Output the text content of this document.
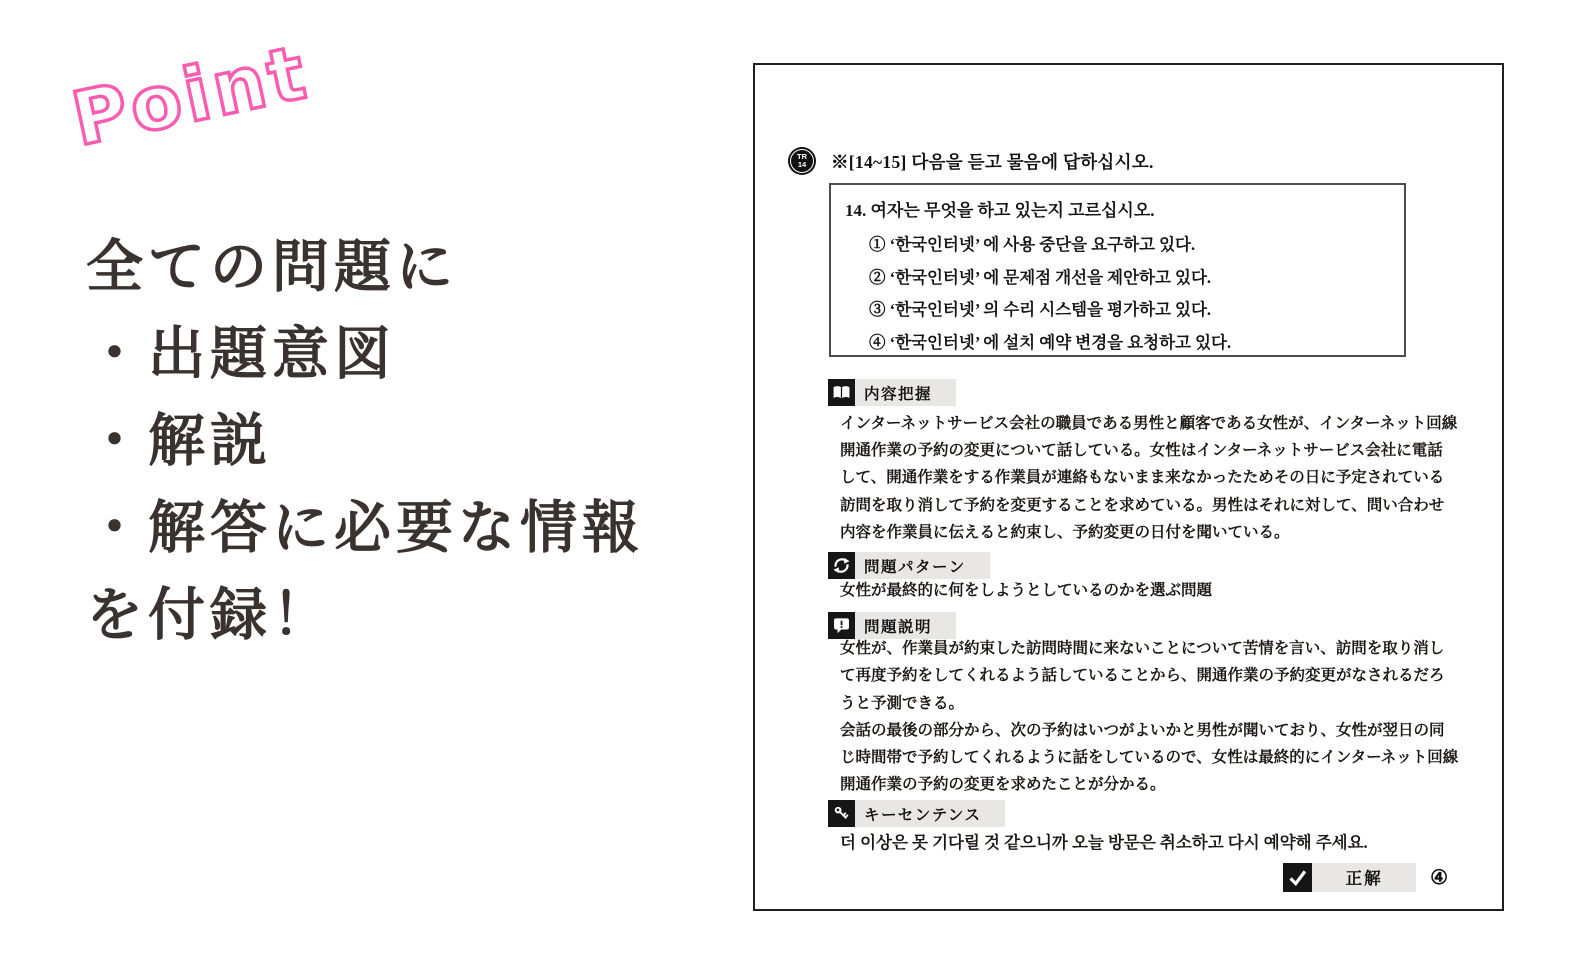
Point
全ての問題に
・出題意図
・解説
・解答に必要な情報
を付録！
TR
14 ※[14~15] 다음을 듣고 물음에 답하십시오.
14. 여자는 무엇을 하고 있는지 고르십시오.
① ‘한국인터넷’ 에 사용 중단을 요구하고 있다.
② ‘한국인터넷’ 에 문제점 개선을 제안하고 있다.
③ ‘한국인터넷’ 의 수리 시스템을 평가하고 있다.
④ ‘한국인터넷’ 에 설치 예약 변경을 요청하고 있다.
内容把握
インターネットサービス会社の職員である男性と顧客である女性が、インターネット回線
開通作業の予約の変更について話している。女性はインターネットサービス会社に電話
して、開通作業をする作業員が連絡もないまま来なかったためその日に予定されている
訪問を取り消して予約を変更することを求めている。男性はそれに対して、問い合わせ
内容を作業員に伝えると約束し、予約変更の日付を聞いている。
問題パターン
女性が最終的に何をしようとしているのかを選ぶ問題
問題説明
女性が、作業員が約束した訪問時間に来ないことについて苦情を言い、訪問を取り消し
て再度予約をしてくれるよう話していることから、開通作業の予約変更がなされるだろ
うと予測できる。
会話の最後の部分から、次の予約はいつがよいかと男性が聞いており、女性が翌日の同
じ時間帯で予約してくれるように話をしているので、女性は最終的にインターネット回線
開通作業の予約の変更を求めたことが分かる。
キーセンテンス
더 이상은 못 기다릴 것 같으니까 오늘 방문은 취소하고 다시 예약해 주세요.
正解	④
